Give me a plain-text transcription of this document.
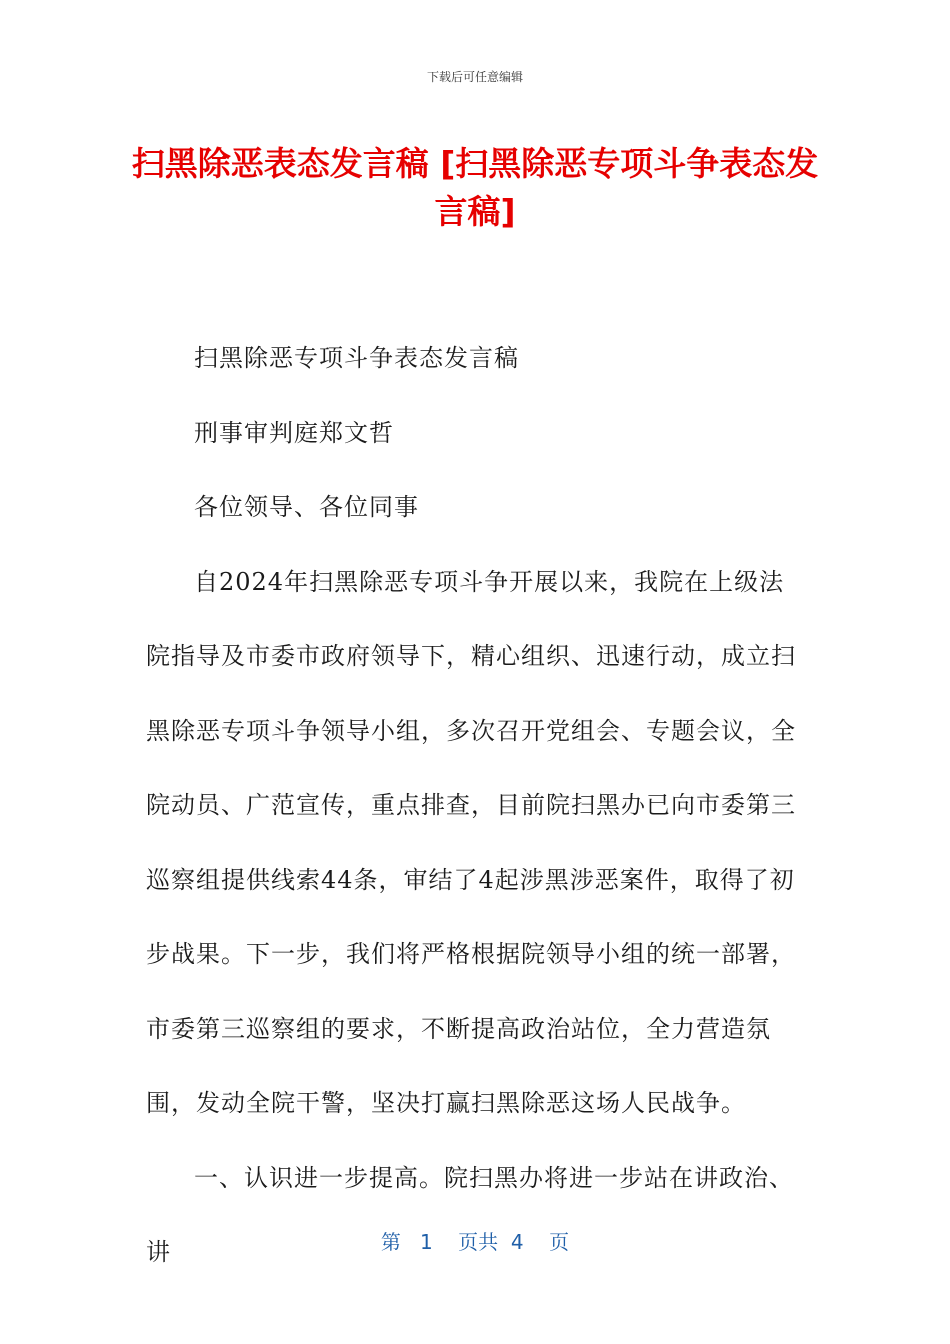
下载后可任意编辑
扫黑除恶表态发言稿 [扫黑除恶专项斗争表态发言稿]

扫黑除恶专项斗争表态发言稿

刑事审判庭郑文哲

各位领导、各位同事

自2024年扫黑除恶专项斗争开展以来，我院在上级法院指导及市委市政府领导下，精心组织、迅速行动，成立扫黑除恶专项斗争领导小组，多次召开党组会、专题会议，全院动员、广范宣传，重点排查，目前院扫黑办已向市委第三巡察组提供线索44条，审结了4起涉黑涉恶案件，取得了初步战果。下一步，我们将严格根据院领导小组的统一部署，市委第三巡察组的要求，不断提高政治站位，全力营造氛围，发动全院干警，坚决打赢扫黑除恶这场人民战争。

一、认识进一步提高。院扫黑办将进一步站在讲政治、讲	第 1 页共 4 页
